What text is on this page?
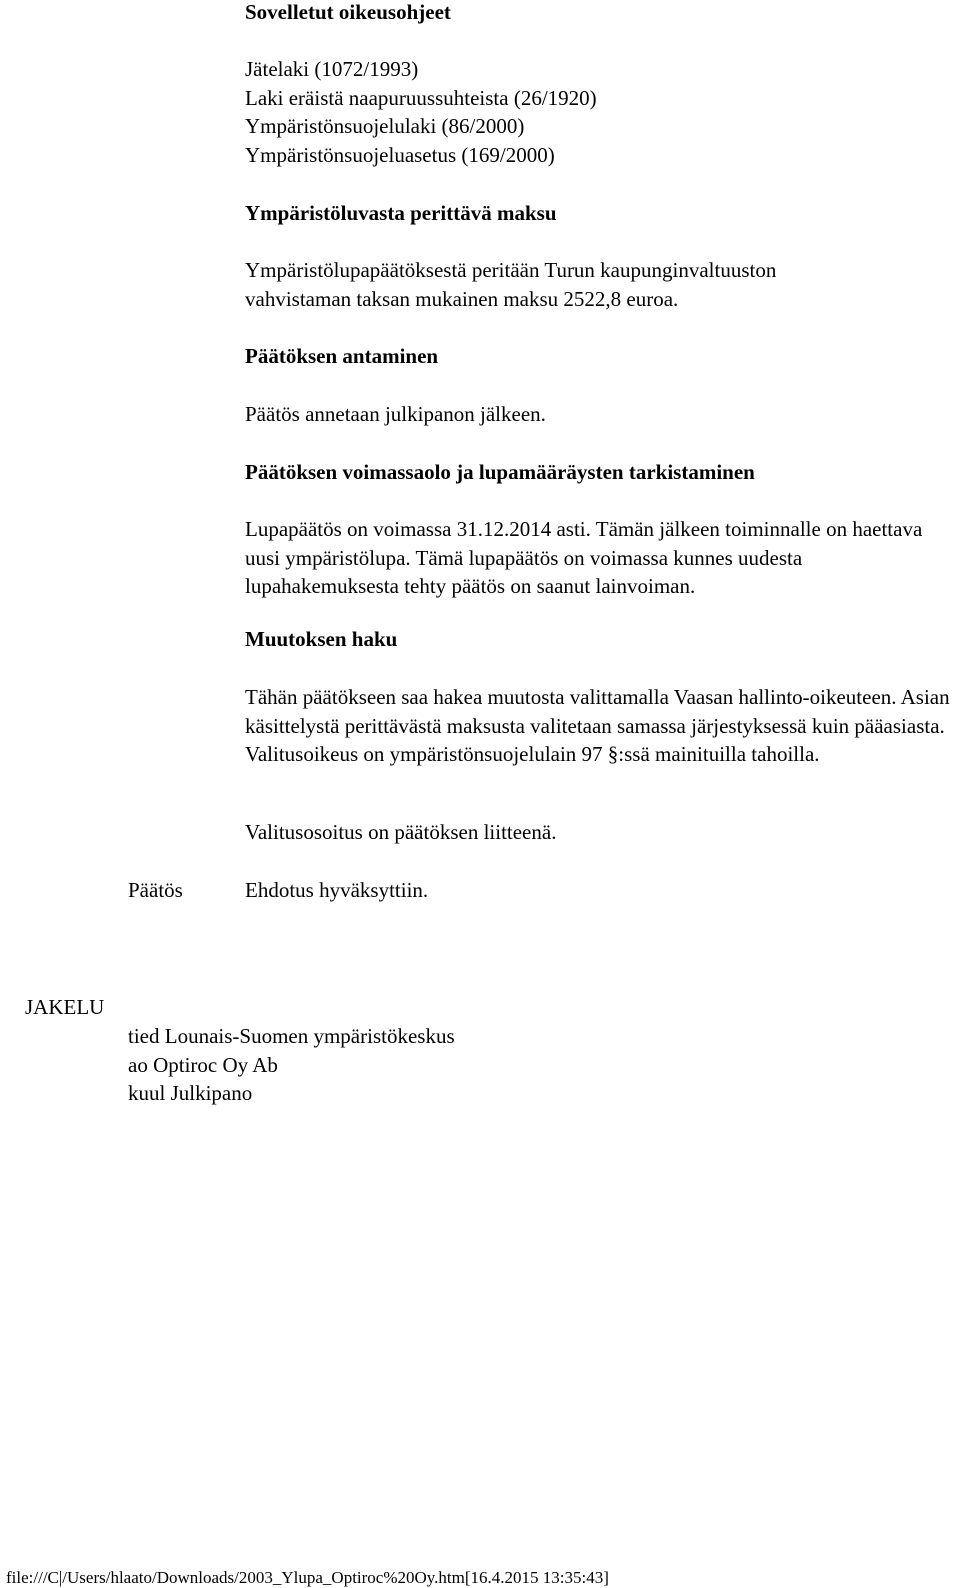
Sovelletut oikeusohjeet
Jätelaki (1072/1993)
Laki eräistä naapuruussuhteista (26/1920)
Ympäristönsuojelulaki (86/2000)
Ympäristönsuojeluasetus (169/2000)
Ympäristöluvasta perittävä maksu
Ympäristölupapäätöksestä peritään Turun kaupunginvaltuuston
vahvistaman taksan mukainen maksu 2522,8 euroa.
Päätöksen antaminen
Päätös annetaan julkipanon jälkeen.
Päätöksen voimassaolo ja lupamääräysten tarkistaminen
Lupapäätös on voimassa 31.12.2014 asti. Tämän jälkeen toiminnalle on haettava uusi ympäristölupa. Tämä lupapäätös on voimassa kunnes uudesta lupahakemuksesta tehty päätös on saanut lainvoiman.
Muutoksen haku
Tähän päätökseen saa hakea muutosta valittamalla Vaasan hallinto-oikeuteen. Asian käsittelystä perittävästä maksusta valitetaan samassa järjestyksessä kuin pääasiasta. Valitusoikeus on ympäristönsuojelulain 97 §:ssä mainituilla tahoilla.
Valitusosoitus on päätöksen liitteenä.
Päätös	Ehdotus hyväksyttiin.
JAKELU
tied Lounais-Suomen ympäristökeskus
ao Optiroc Oy Ab
kuul Julkipano
file:///C|/Users/hlaato/Downloads/2003_Ylupa_Optiroc%20Oy.htm[16.4.2015 13:35:43]
